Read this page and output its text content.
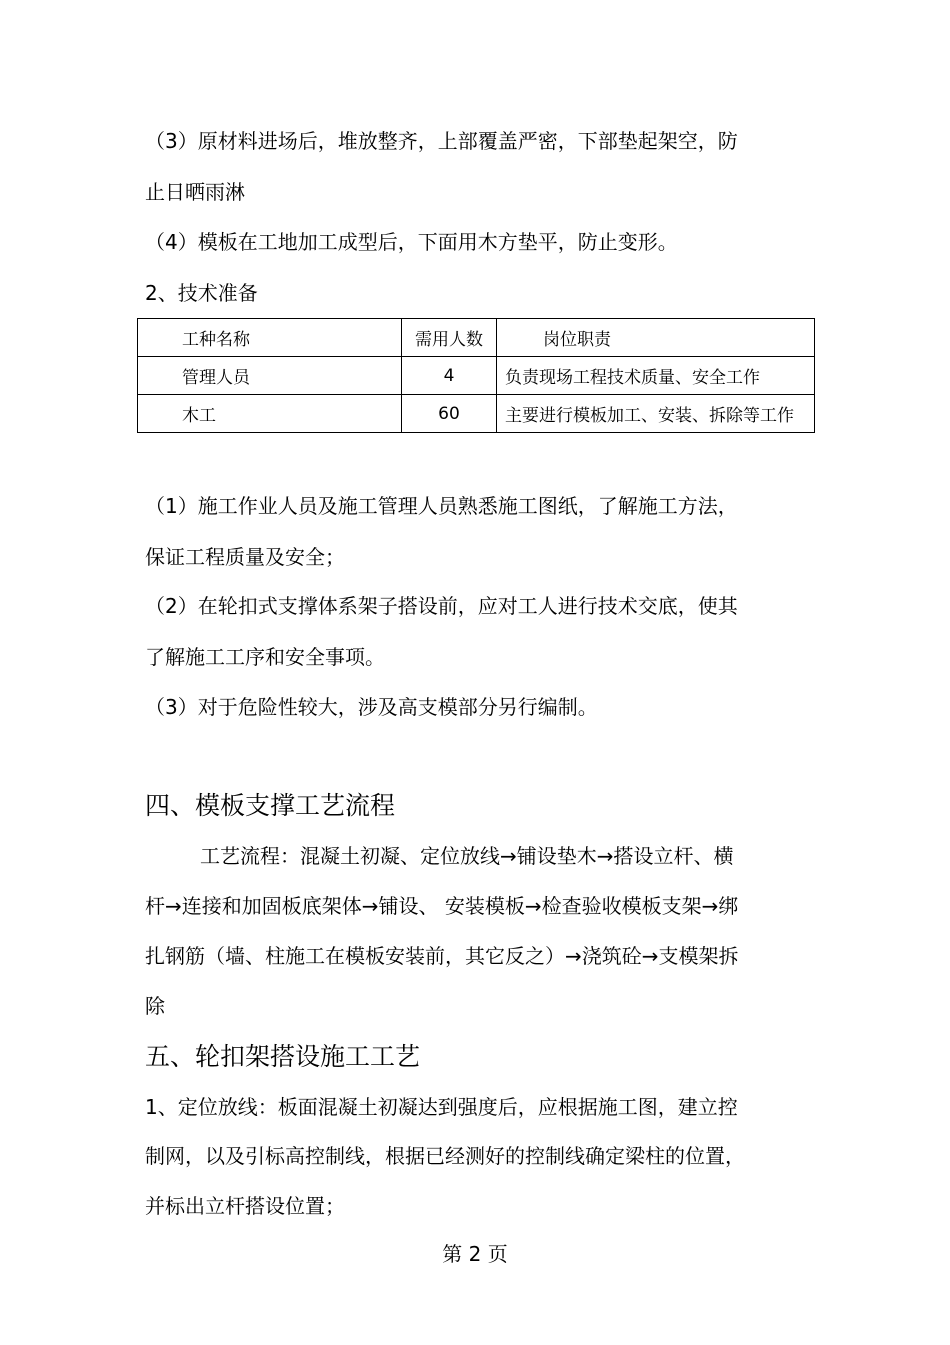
（3）原材料进场后，堆放整齐，上部覆盖严密，下部垫起架空，防
止日晒雨淋
（4）模板在工地加工成型后，下面用木方垫平，防止变形。
2、技术准备
工种名称	需用人数	岗位职责
管理人员	4	负责现场工程技术质量、安全工作
木工	60	主要进行模板加工、安装、拆除等工作
（1）施工作业人员及施工管理人员熟悉施工图纸，了解施工方法，
保证工程质量及安全；
（2）在轮扣式支撑体系架子搭设前，应对工人进行技术交底，使其
了解施工工序和安全事项。
（3）对于危险性较大，涉及高支模部分另行编制。
四、模板支撑工艺流程
工艺流程：混凝土初凝、定位放线→铺设垫木→搭设立杆、横
杆→连接和加固板底架体→铺设、 安装模板→检查验收模板支架→绑
扎钢筋（墙、柱施工在模板安装前，其它反之）→浇筑砼→支模架拆
除
五、轮扣架搭设施工工艺
1、定位放线：板面混凝土初凝达到强度后，应根据施工图，建立控
制网，以及引标高控制线，根据已经测好的控制线确定梁柱的位置，
并标出立杆搭设位置；
第 2 页
